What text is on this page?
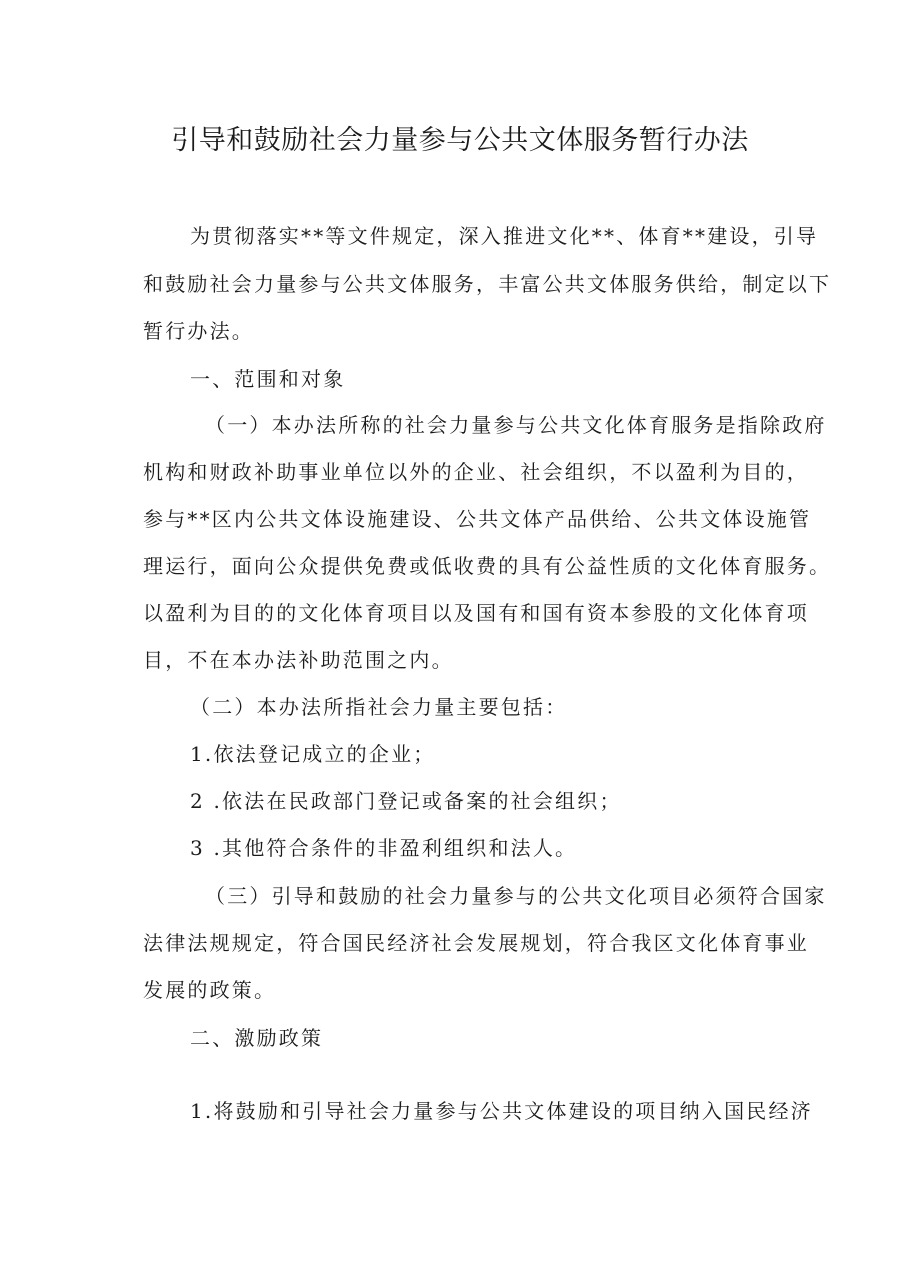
引导和鼓励社会力量参与公共文体服务暂行办法
为贯彻落实**等文件规定，深入推进文化**、体育**建设，引导
和鼓励社会力量参与公共文体服务，丰富公共文体服务供给，制定以下
暂行办法。
一、范围和对象
（一）本办法所称的社会力量参与公共文化体育服务是指除政府
机构和财政补助事业单位以外的企业、社会组织，不以盈利为目的，
参与**区内公共文体设施建设、公共文体产品供给、公共文体设施管
理运行，面向公众提供免费或低收费的具有公益性质的文化体育服务。
以盈利为目的的文化体育项目以及国有和国有资本参股的文化体育项
目，不在本办法补助范围之内。
（二）本办法所指社会力量主要包括：
1.依法登记成立的企业；
2 .依法在民政部门登记或备案的社会组织；
3 .其他符合条件的非盈利组织和法人。
（三）引导和鼓励的社会力量参与的公共文化项目必须符合国家
法律法规规定，符合国民经济社会发展规划，符合我区文化体育事业
发展的政策。
二、激励政策
1.将鼓励和引导社会力量参与公共文体建设的项目纳入国民经济
